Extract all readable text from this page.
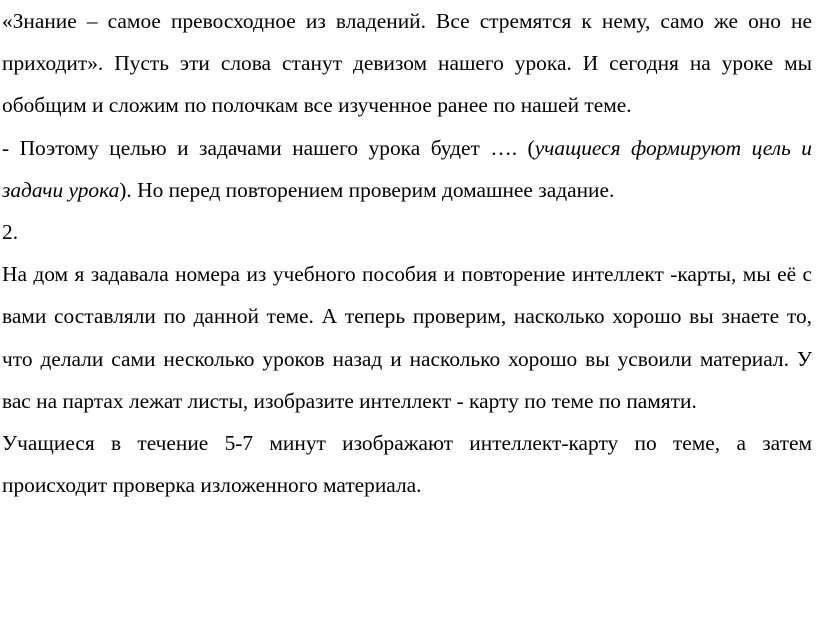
«Знание – самое превосходное из владений. Все стремятся к нему, само же оно не приходит». Пусть эти слова станут девизом нашего урока. И сегодня на уроке мы обобщим и сложим по полочкам все изученное ранее по нашей теме.

- Поэтому целью и задачами нашего урока будет …. (учащиеся формируют цель и задачи урока). Но перед повторением проверим домашнее задание.

2.

На дом я задавала номера из учебного пособия и повторение интеллект -карты, мы её с вами составляли по данной теме. А теперь проверим, насколько хорошо вы знаете то, что делали сами несколько уроков назад и насколько хорошо вы усвоили материал. У вас на партах лежат листы, изобразите интеллект - карту по теме по памяти.

Учащиеся в течение 5-7 минут изображают интеллект-карту по теме, а затем происходит проверка изложенного материала.
